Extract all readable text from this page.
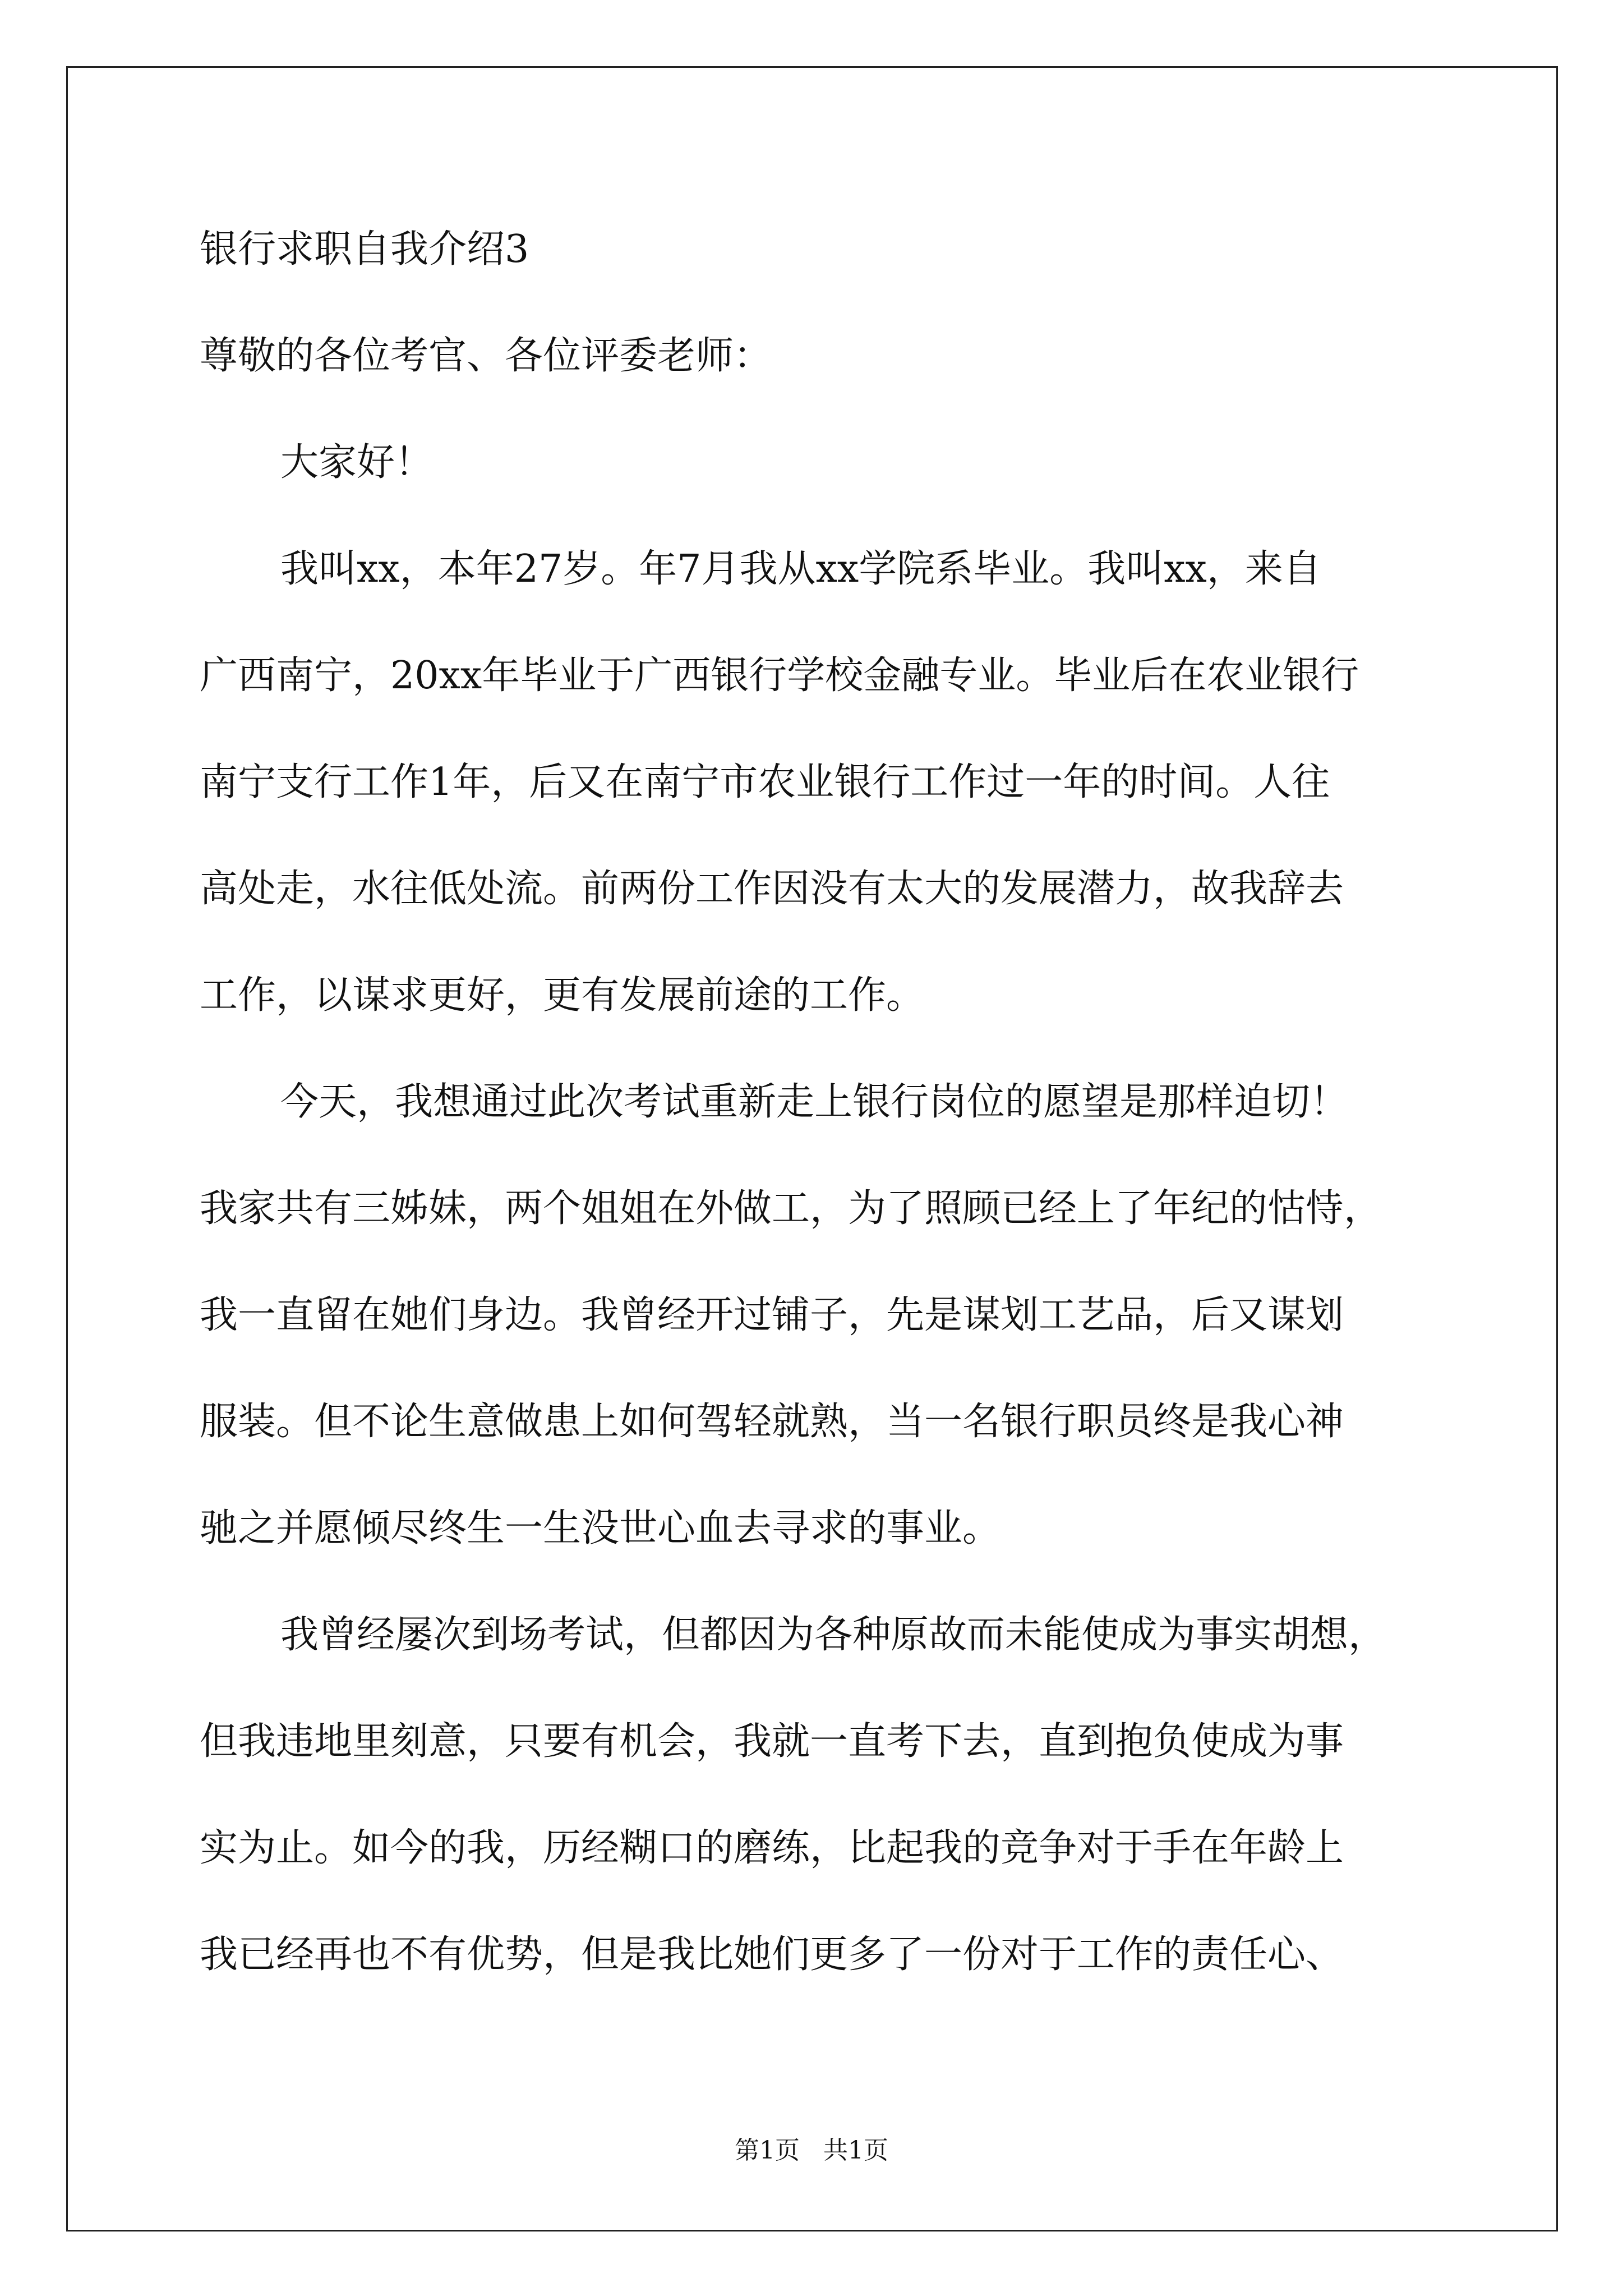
银行求职自我介绍3
尊敬的各位考官、各位评委老师：
大家好！
我叫xx，本年27岁。年7月我从xx学院系毕业。我叫xx，来自
广西南宁，20xx年毕业于广西银行学校金融专业。毕业后在农业银行
南宁支行工作1年，后又在南宁市农业银行工作过一年的时间。人往
高处走，水往低处流。前两份工作因没有太大的发展潜力，故我辞去
工作，以谋求更好，更有发展前途的工作。
今天，我想通过此次考试重新走上银行岗位的愿望是那样迫切！
我家共有三姊妹，两个姐姐在外做工，为了照顾已经上了年纪的怙恃，
我一直留在她们身边。我曾经开过铺子，先是谋划工艺品，后又谋划
服装。但不论生意做患上如何驾轻就熟，当一名银行职员终是我心神
驰之并愿倾尽终生一生没世心血去寻求的事业。
我曾经屡次到场考试，但都因为各种原故而未能使成为事实胡想，
但我违地里刻意，只要有机会，我就一直考下去，直到抱负使成为事
实为止。如今的我，历经糊口的磨练，比起我的竞争对于手在年龄上
我已经再也不有优势，但是我比她们更多了一份对于工作的责任心、
第1页   共1页
